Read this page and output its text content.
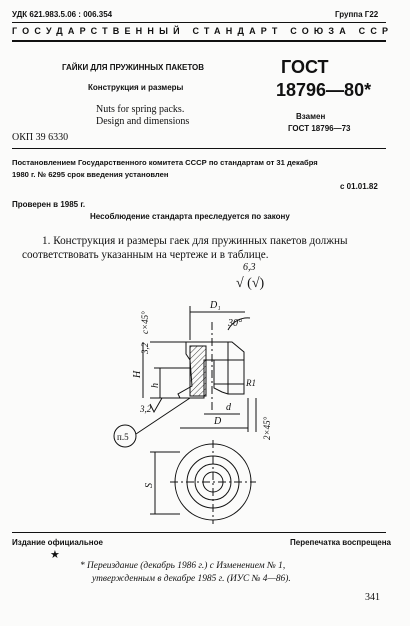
УДК 621.983.5.06 : 006.354	Группа Г22
ГОСУДАРСТВЕННЫЙ СТАНДАРТ СОЮЗА ССР
ГАЙКИ ДЛЯ ПРУЖИННЫХ ПАКЕТОВ
Конструкция и размеры
Nuts for spring packs.
Design and dimensions
ОКП 39 6330
ГОСТ
18796—80*
Взамен
ГОСТ 18796—73
Постановлением Государственного комитета СССР по стандартам от 31 декабря
1980 г. № 6295 срок введения установлен
с 01.01.82
Проверен в 1985 г.
Несоблюдение стандарта преследуется по закону
1. Конструкция и размеры гаек для пружинных пакетов должны
соответствовать указанным на чертеже и в таблице.
6,3
√ (√)
D₁
30°
c×45°
3,2
H
h	R1
3,2	d
D	2×45°
п.5
S
Издание официальное	Перепечатка воспрещена
★
* Переиздание (декабрь 1986 г.) с Изменением № 1,
утвержденным в декабре 1985 г. (ИУС № 4—86).
341
